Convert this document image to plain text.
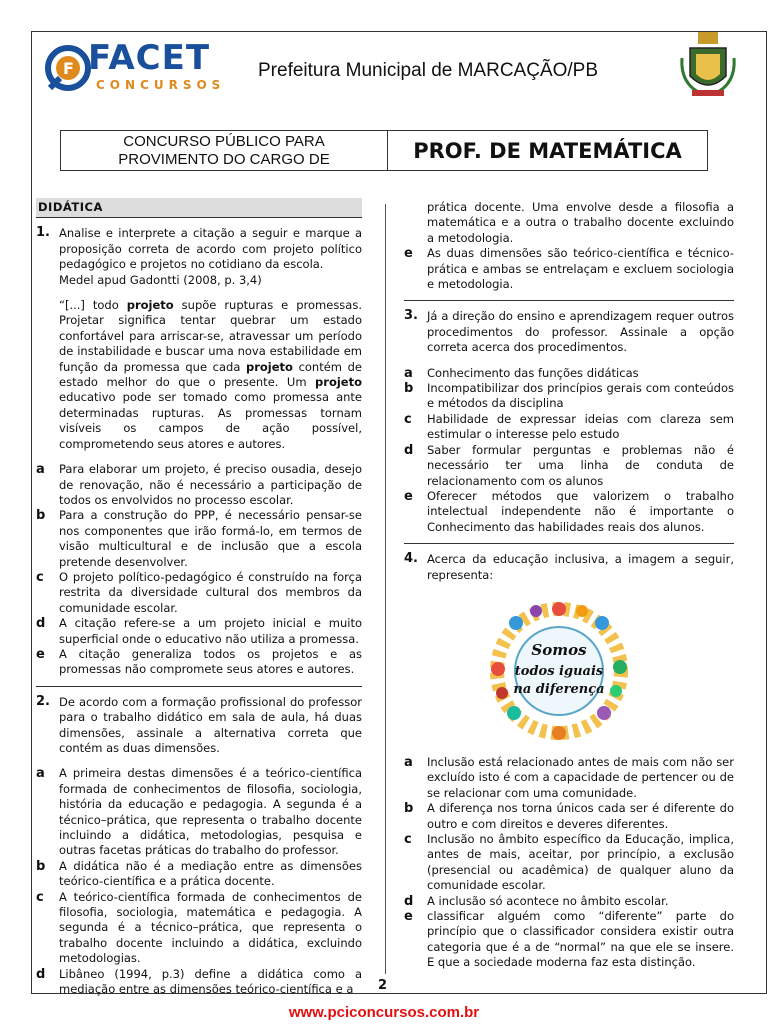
F FACET
CONCURSOS
Prefeitura Municipal de MARCAÇÃO/PB
CONCURSO PÚBLICO PARA
PROVIMENTO DO CARGO DE	PROF. DE MATEMÁTICA
DIDÁTICA
1. Analise e interprete a citação a seguir e marque a proposição correta de acordo com projeto político pedagógico e projetos no cotidiano da escola.
Medel apud Gadontti (2008, p. 3,4)
“[...] todo projeto supõe rupturas e promessas. Projetar significa tentar quebrar um estado confortável para arriscar-se, atravessar um período de instabilidade e buscar uma nova estabilidade em função da promessa que cada projeto contém de estado melhor do que o presente. Um projeto educativo pode ser tomado como promessa ante determinadas rupturas. As promessas tornam visíveis os campos de ação possível, comprometendo seus atores e autores.
a Para elaborar um projeto, é preciso ousadia, desejo de renovação, não é necessário a participação de todos os envolvidos no processo escolar.
b Para a construção do PPP, é necessário pensar-se nos componentes que irão formá-lo, em termos de visão multicultural e de inclusão que a escola pretende desenvolver.
c O projeto político-pedagógico é construído na força restrita da diversidade cultural dos membros da comunidade escolar.
d A citação refere-se a um projeto inicial e muito superficial onde o educativo não utiliza a promessa.
e A citação generaliza todos os projetos e as promessas não compromete seus atores e autores.
2. De acordo com a formação profissional do professor para o trabalho didático em sala de aula, há duas dimensões, assinale a alternativa correta que contém as duas dimensões.
a A primeira destas dimensões é a teórico-científica formada de conhecimentos de filosofia, sociologia, história da educação e pedagogia. A segunda é a técnico–prática, que representa o trabalho docente incluindo a didática, metodologias, pesquisa e outras facetas práticas do trabalho do professor.
b A didática não é a mediação entre as dimensões teórico-científica e a prática docente.
c A teórico-científica formada de conhecimentos de filosofia, sociologia, matemática e pedagogia. A segunda é a técnico–prática, que representa o trabalho docente incluindo a didática, excluindo metodologias.
d Libâneo (1994, p.3) define a didática como a mediação entre as dimensões teórico-científica e a
prática docente. Uma envolve desde a filosofia a matemática e a outra o trabalho docente excluindo a metodologia.
e As duas dimensões são teórico-científica e técnico-prática e ambas se entrelaçam e excluem sociologia e metodologia.
3. Já a direção do ensino e aprendizagem requer outros procedimentos do professor. Assinale a opção correta acerca dos procedimentos.
a Conhecimento das funções didáticas
b Incompatibilizar dos princípios gerais com conteúdos e métodos da disciplina
c Habilidade de expressar ideias com clareza sem estimular o interesse pelo estudo
d Saber formular perguntas e problemas não é necessário ter uma linha de conduta de relacionamento com os alunos
e Oferecer métodos que valorizem o trabalho intelectual independente não é importante o Conhecimento das habilidades reais dos alunos.
4. Acerca da educação inclusiva, a imagem a seguir, representa:
Somos
todos iguais
na diferença
a Inclusão está relacionado antes de mais com não ser excluído isto é com a capacidade de pertencer ou de se relacionar com uma comunidade.
b A diferença nos torna únicos cada ser é diferente do outro e com direitos e deveres diferentes.
c Inclusão no âmbito específico da Educação, implica, antes de mais, aceitar, por princípio, a exclusão (presencial ou acadêmica) de qualquer aluno da comunidade escolar.
d A inclusão só acontece no âmbito escolar.
e classificar alguém como “diferente” parte do princípio que o classificador considera existir outra categoria que é a de “normal” na que ele se insere. E que a sociedade moderna faz esta distinção.
2
www.pciconcursos.com.br
